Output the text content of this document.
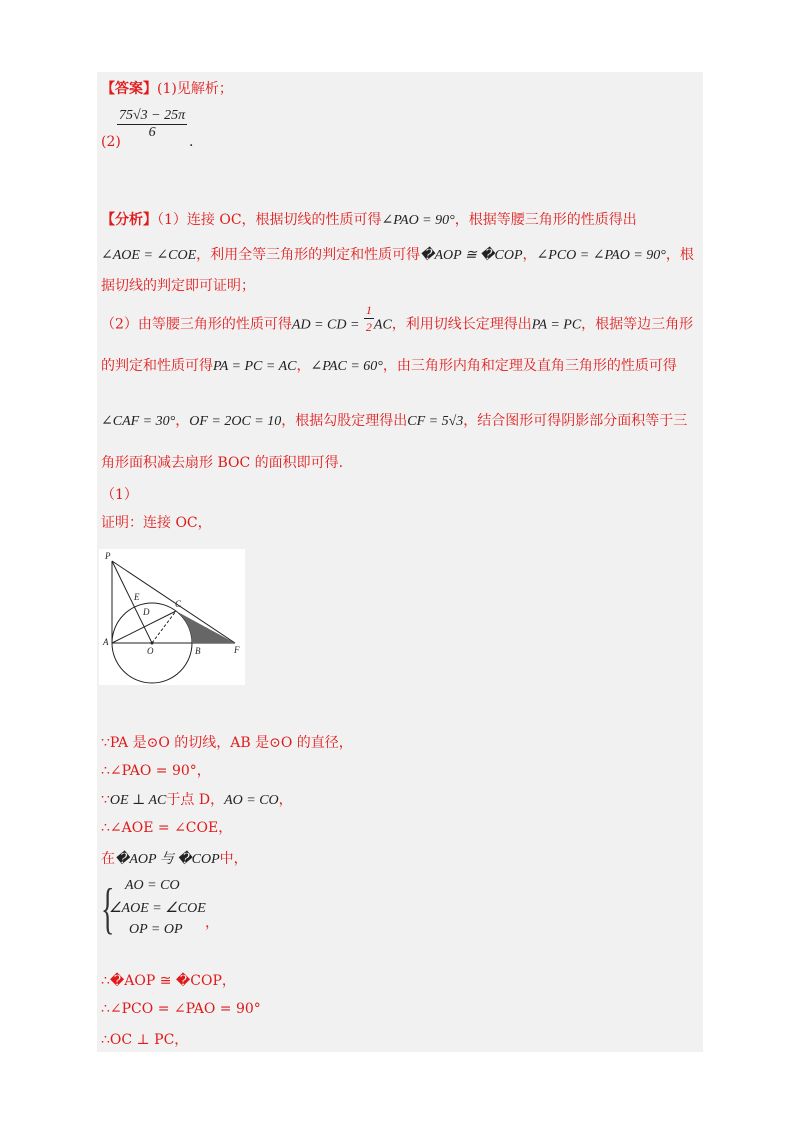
【答案】(1)见解析；
(2)
$\frac{75√3 - 25\pi}{6}$
.
【分析】（1）连接 OC，根据切线的性质可得∠PAO = 90°，根据等腰三角形的性质得出
∠AOE = ∠COE，利用全等三角形的判定和性质可得�AOP ≅ �COP，∠PCO = ∠PAO = 90°，根
据切线的判定即可证明；
（2）由等腰三角形的性质可得AD = CD = $\frac{1}{2}$ AC，利用切线长定理得出PA = PC，根据等边三角形
的判定和性质可得PA = PC = AC，∠PAC = 60°，由三角形内角和定理及直角三角形的性质可得
∠CAF = 30°，OF = 2OC = 10，根据勾股定理得出CF = 5√3，结合图形可得阴影部分面积等于三
角形面积减去扇形 BOC 的面积即可得.
（1）
证明：连接 OC，
P
E
C
D
A
O	B	F
∵PA 是⊙O 的切线，AB 是⊙O 的直径，
∴∠PAO = 90°，
∵OE ⊥ AC于点 D，AO = CO，
∴∠AOE = ∠COE，
在�AOP 与 �COP中，
{ AO = CO
∠AOE = ∠COE
OP = OP ，
∴�AOP ≅ �COP，
∴∠PCO = ∠PAO = 90°
∴OC ⊥ PC，
